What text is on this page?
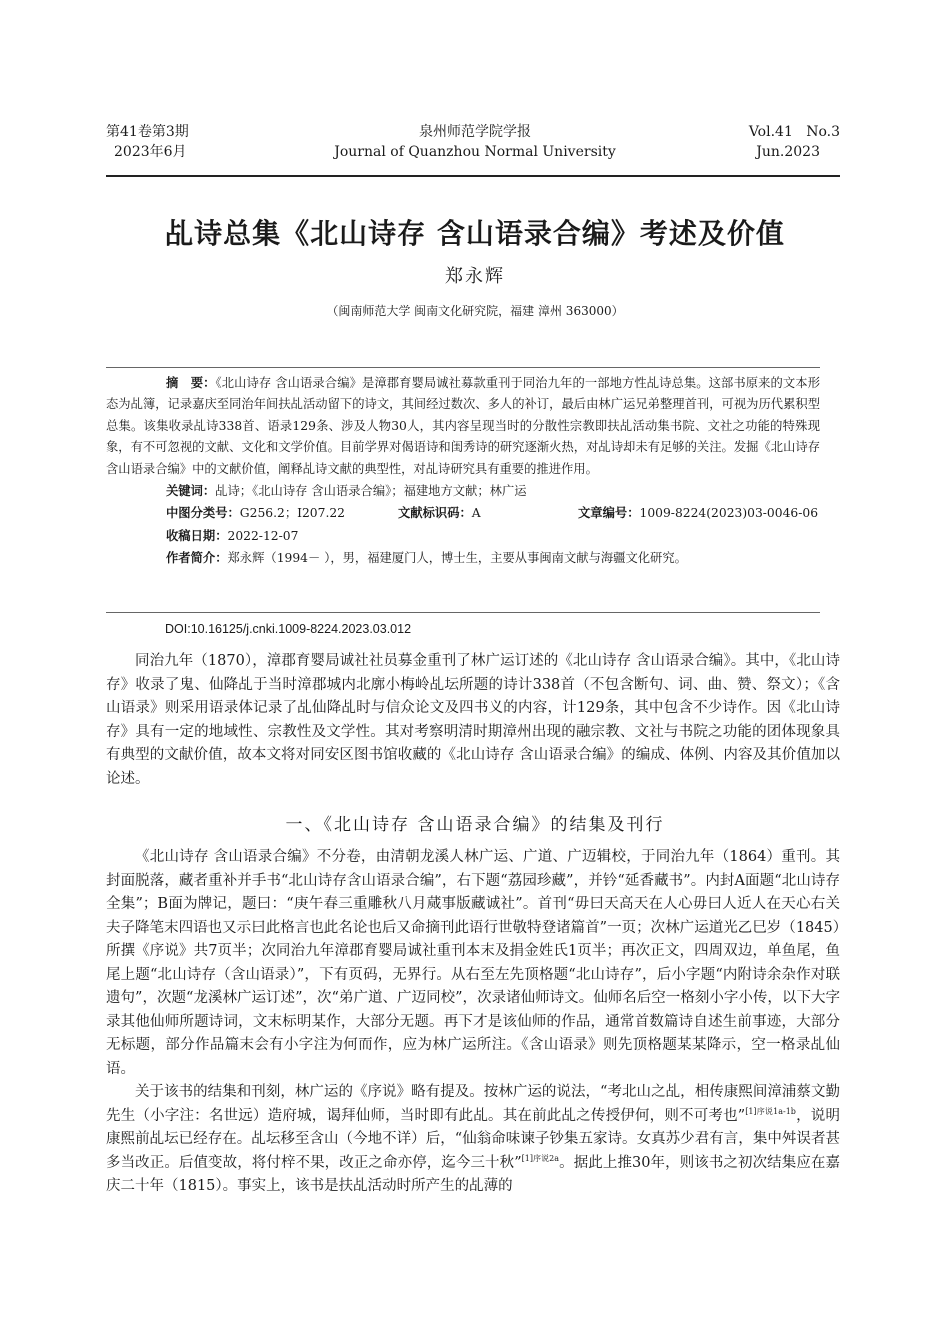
第41卷第3期
2023年6月
泉州师范学院学报
Journal of Quanzhou Normal University
Vol.41   No.3
Jun.2023
乩诗总集《北山诗存 含山语录合编》考述及价值
郑永辉
（闽南师范大学 闽南文化研究院，福建 漳州 363000）

摘　要：《北山诗存 含山语录合编》是漳郡育婴局诚社募款重刊于同治九年的一部地方性乩诗总集。这部书原来的文本形态为乩簿，记录嘉庆至同治年间扶乩活动留下的诗文，其间经过数次、多人的补订，最后由林广运兄弟整理首刊，可视为历代累积型总集。该集收录乩诗338首、语录129条、涉及人物30人，其内容呈现当时的分散性宗教即扶乩活动集书院、文社之功能的特殊现象，有不可忽视的文献、文化和文学价值。目前学界对偈语诗和闺秀诗的研究逐渐火热，对乩诗却未有足够的关注。发掘《北山诗存 含山语录合编》中的文献价值，阐释乩诗文献的典型性，对乩诗研究具有重要的推进作用。

关键词：乩诗；《北山诗存 含山语录合编》；福建地方文献；林广运
中图分类号：G256.2；I207.22	文献标识码：A	文章编号：1009-8224(2023)03-0046-06
收稿日期：2022-12-07
作者简介：郑永辉（1994－ ），男，福建厦门人，博士生，主要从事闽南文献与海疆文化研究。
DOI:10.16125/j.cnki.1009-8224.2023.03.012

同治九年（1870），漳郡育婴局诚社社员募金重刊了林广运订述的《北山诗存 含山语录合编》。其中，《北山诗存》收录了鬼、仙降乩于当时漳郡城内北廓小梅岭乩坛所题的诗计338首（不包含断句、词、曲、赞、祭文）；《含山语录》则采用语录体记录了乩仙降乩时与信众论文及四书义的内容，计129条，其中包含不少诗作。因《北山诗存》具有一定的地域性、宗教性及文学性。其对考察明清时期漳州出现的融宗教、文社与书院之功能的团体现象具有典型的文献价值，故本文将对同安区图书馆收藏的《北山诗存 含山语录合编》的编成、体例、内容及其价值加以论述。

一、《北山诗存 含山语录合编》的结集及刊行

《北山诗存 含山语录合编》不分卷，由清朝龙溪人林广运、广道、广迈辑校，于同治九年（1864）重刊。其封面脱落，藏者重补并手书“北山诗存含山语录合编”，右下题“荔园珍藏”，并钤“延香藏书”。内封A面题“北山诗存全集”；B面为牌记，题曰：“庚午春三重雕秋八月蒇事版藏诚社”。首刊“毋曰天高天在人心毋曰人近人在天心右关夫子降笔末四语也又示曰此格言也此名论也后又命摘刊此语行世敬特登诸篇首”一页；次林广运道光乙巳岁（1845）所撰《序说》共7页半；次同治九年漳郡育婴局诚社重刊本末及捐金姓氏1页半；再次正文，四周双边，单鱼尾，鱼尾上题“北山诗存（含山语录）”，下有页码，无界行。从右至左先顶格题“北山诗存”，后小字题“内附诗余杂作对联遗句”，次题“龙溪林广运订述”，次“弟广道、广迈同校”，次录诸仙师诗文。仙师名后空一格刻小字小传，以下大字录其他仙师所题诗词，文末标明某作，大部分无题。再下才是该仙师的作品，通常首数篇诗自述生前事迹，大部分无标题，部分作品篇末会有小字注为何而作，应为林广运所注。《含山语录》则先顶格题某某降示，空一格录乩仙语。

关于该书的结集和刊刻，林广运的《序说》略有提及。按林广运的说法，“考北山之乩，相传康熙间漳浦蔡文勤先生（小字注：名世远）造府城，谒拜仙师，当时即有此乩。其在前此乩之传授伊何，则不可考也”$^{[1]序说1a-1b}$，说明康熙前乩坛已经存在。乩坛移至含山（今地不详）后，“仙翁命味谏子钞集五家诗。女真苏少君有言，集中舛误者甚多当改正。后值变故，将付梓不果，改正之命亦停，迄今三十秋”$^{[1]序说2a}$。据此上推30年，则该书之初次结集应在嘉庆二十年（1815）。事实上，该书是扶乩活动时所产生的乩薄的
